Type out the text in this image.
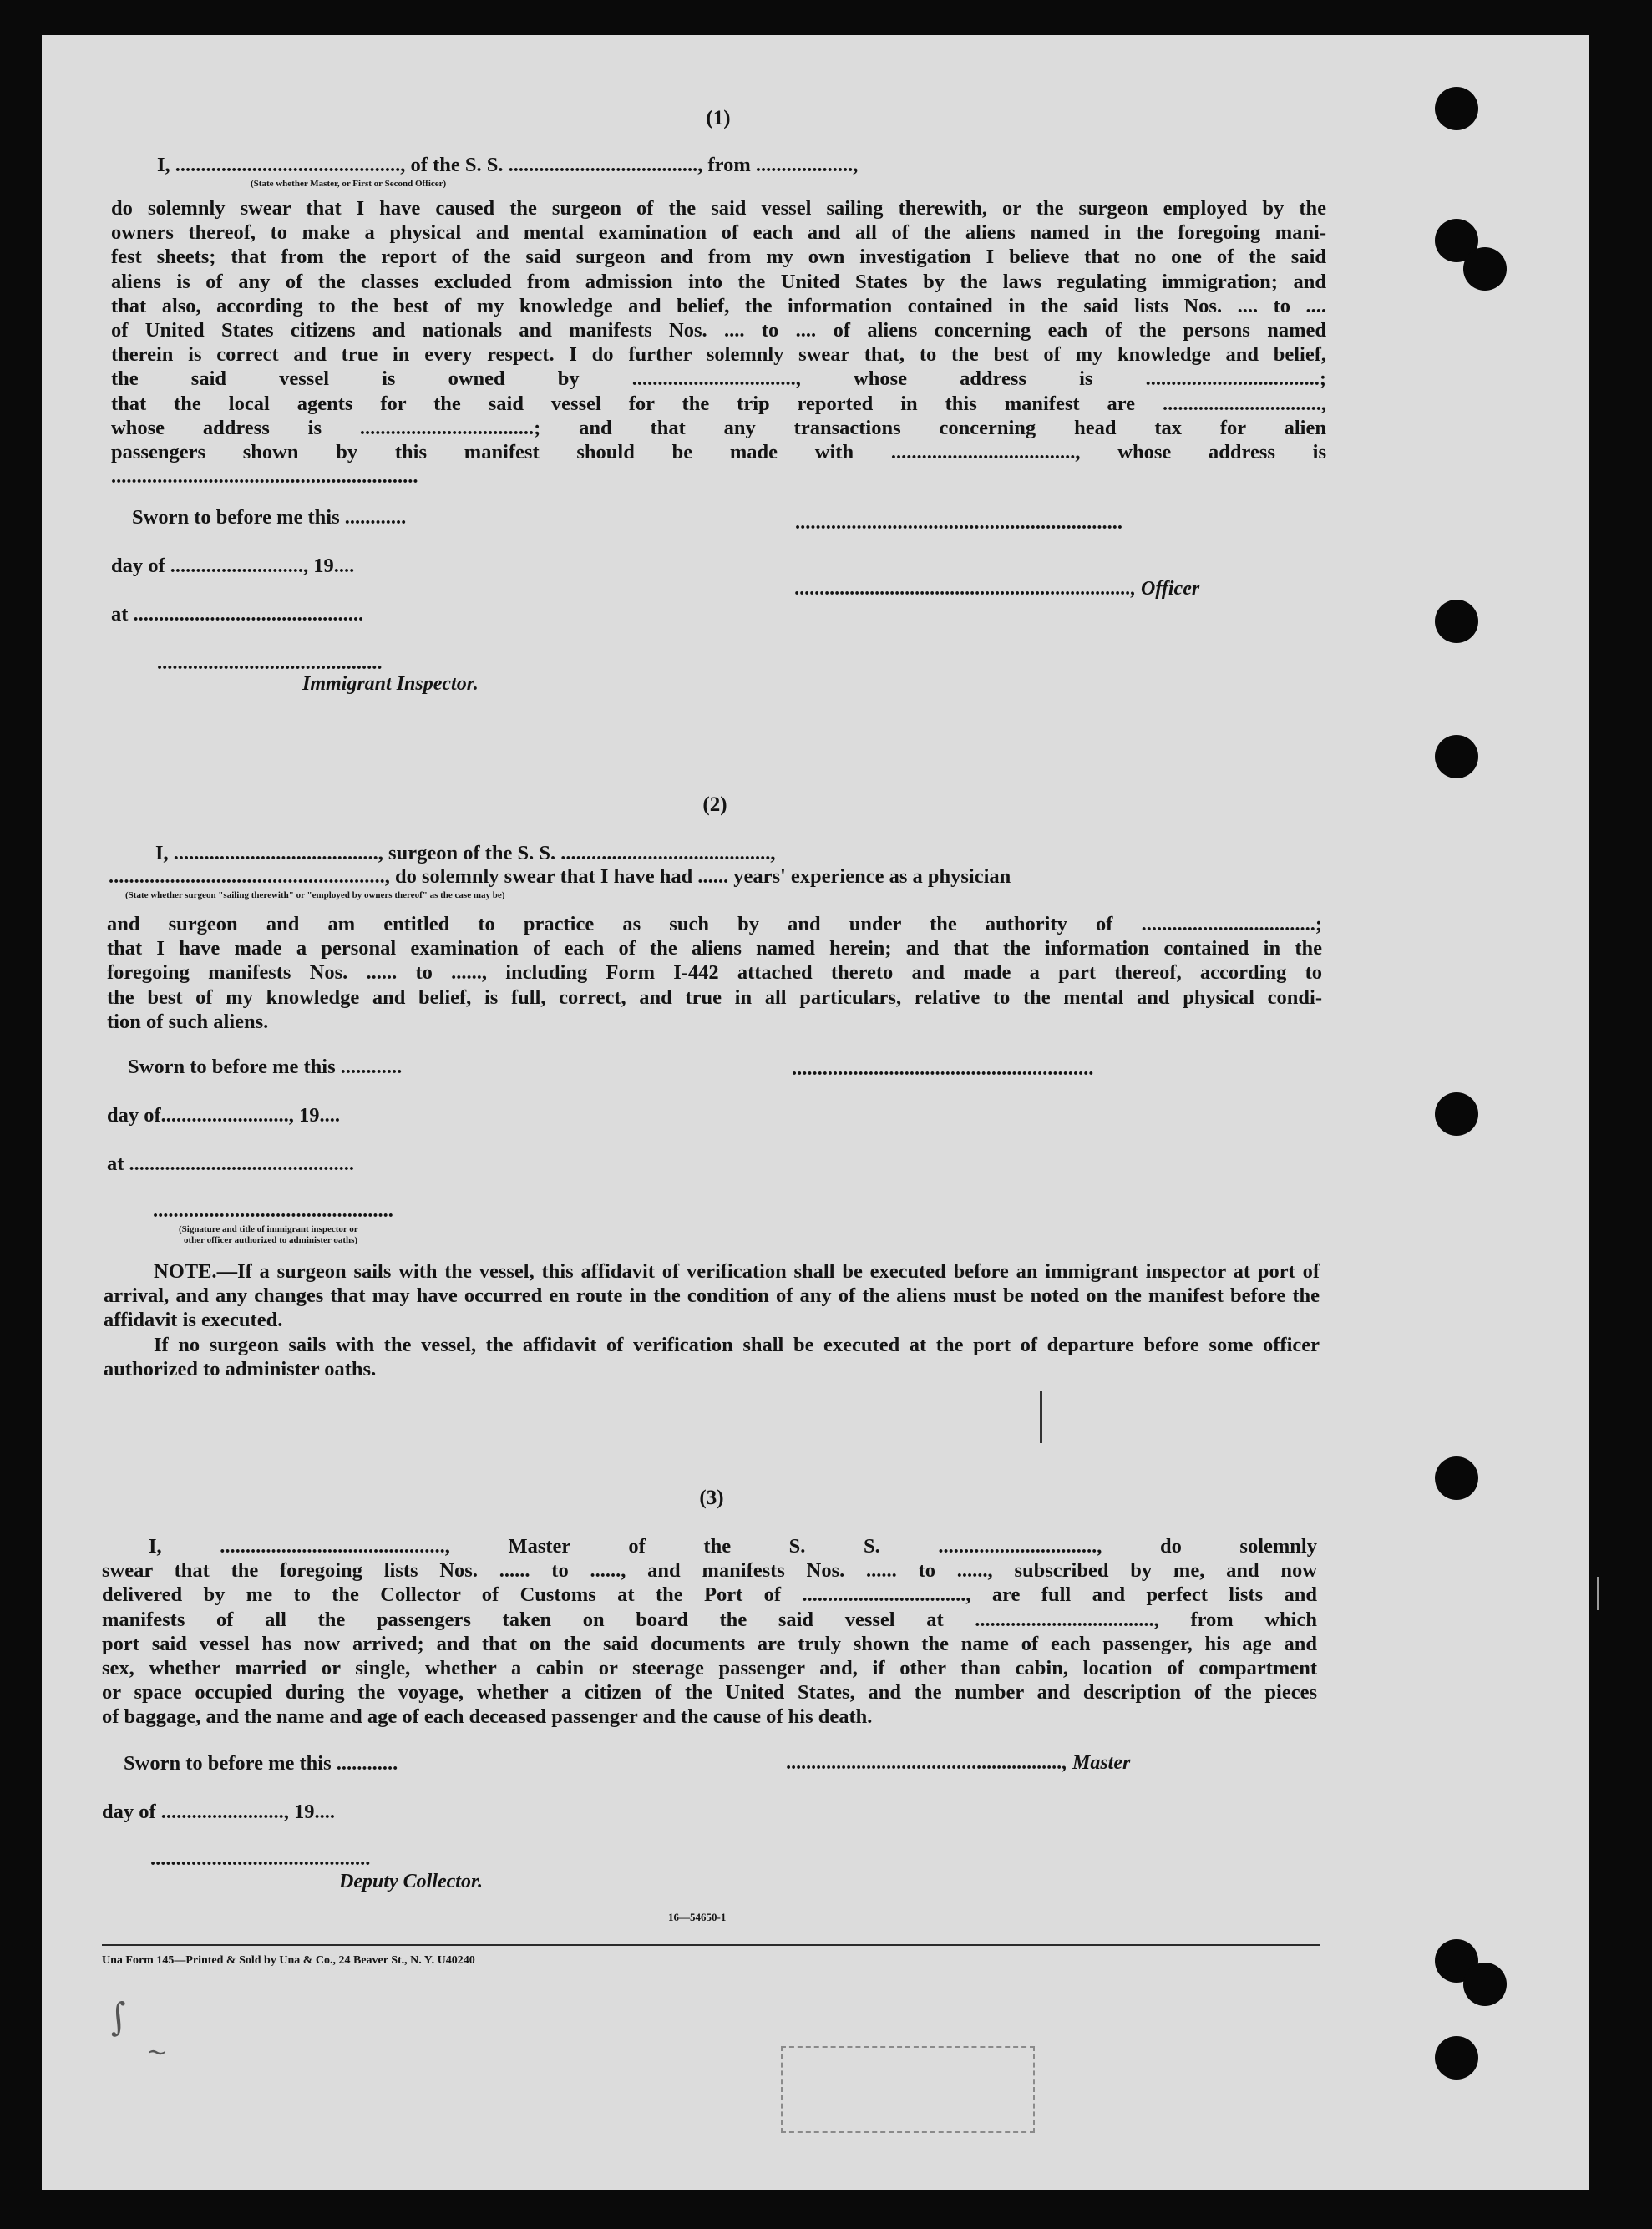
(1)
I, ............................................, of the S. S. ....................................., from ...................,
(State whether Master, or First or Second Officer)

do solemnly swear that I have caused the surgeon of the said vessel sailing therewith, or the surgeon employed by the

owners thereof, to make a physical and mental examination of each and all of the aliens named in the foregoing mani-

fest sheets; that from the report of the said surgeon and from my own investigation I believe that no one of the said

aliens is of any of the classes excluded from admission into the United States by the laws regulating immigration; and

that also, according to the best of my knowledge and belief, the information contained in the said lists Nos. .... to ....

of United States citizens and nationals and manifests Nos. .... to .... of aliens concerning each of the persons named

therein is correct and true in every respect. I do further solemnly swear that, to the best of my knowledge and belief,

the said vessel is owned by ................................, whose address is ..................................;

that the local agents for the said vessel for the trip reported in this manifest are ...............................,

whose address is ..................................; and that any transactions concerning head tax for alien

passengers shown by this manifest should be made with ...................................., whose address is

............................................................

Sworn to before me this ............
day of .........................., 19....
at .............................................
............................................
Immigrant Inspector.
................................................................
..................................................................., Officer
(2)
I, ........................................, surgeon of the S. S. .........................................,
......................................................, do solemnly swear that I have had ...... years' experience as a physician
(State whether surgeon "sailing therewith" or "employed by owners thereof" as the case may be)

and surgeon and am entitled to practice as such by and under the authority of ..................................;

that I have made a personal examination of each of the aliens named herein; and that the information contained in the

foregoing manifests Nos. ...... to ......, including Form I-442 attached thereto and made a part thereof, according to

the best of my knowledge and belief, is full, correct, and true in all particulars, relative to the mental and physical condi-

tion of such aliens.

Sworn to before me this ............
day of........................., 19....
at ............................................
...............................................
(Signature and title of immigrant inspector or
other officer authorized to administer oaths)
...........................................................

NOTE.—If a surgeon sails with the vessel, this affidavit of verification shall be executed before an immigrant inspector at port of arrival, and any changes that may have occurred en route in the condition of any of the aliens must be noted on the manifest before the affidavit is executed.

If no surgeon sails with the vessel, the affidavit of verification shall be executed at the port of departure before some officer authorized to administer oaths.

(3)

I, ............................................, Master of the S. S. ..............................., do solemnly

swear that the foregoing lists Nos. ...... to ......, and manifests Nos. ...... to ......, subscribed by me, and now

delivered by me to the Collector of Customs at the Port of ................................, are full and perfect lists and

manifests of all the passengers taken on board the said vessel at ..................................., from which

port said vessel has now arrived; and that on the said documents are truly shown the name of each passenger, his age and

sex, whether married or single, whether a cabin or steerage passenger and, if other than cabin, location of compartment

or space occupied during the voyage, whether a citizen of the United States, and the number and description of the pieces

of baggage, and the name and age of each deceased passenger and the cause of his death.

Sworn to before me this ............
day of ........................, 19....
...........................................
Deputy Collector.
......................................................., Master
16—54650-1
Una Form 145—Printed & Sold by Una & Co., 24 Beaver St., N. Y. U40240
∫
~
